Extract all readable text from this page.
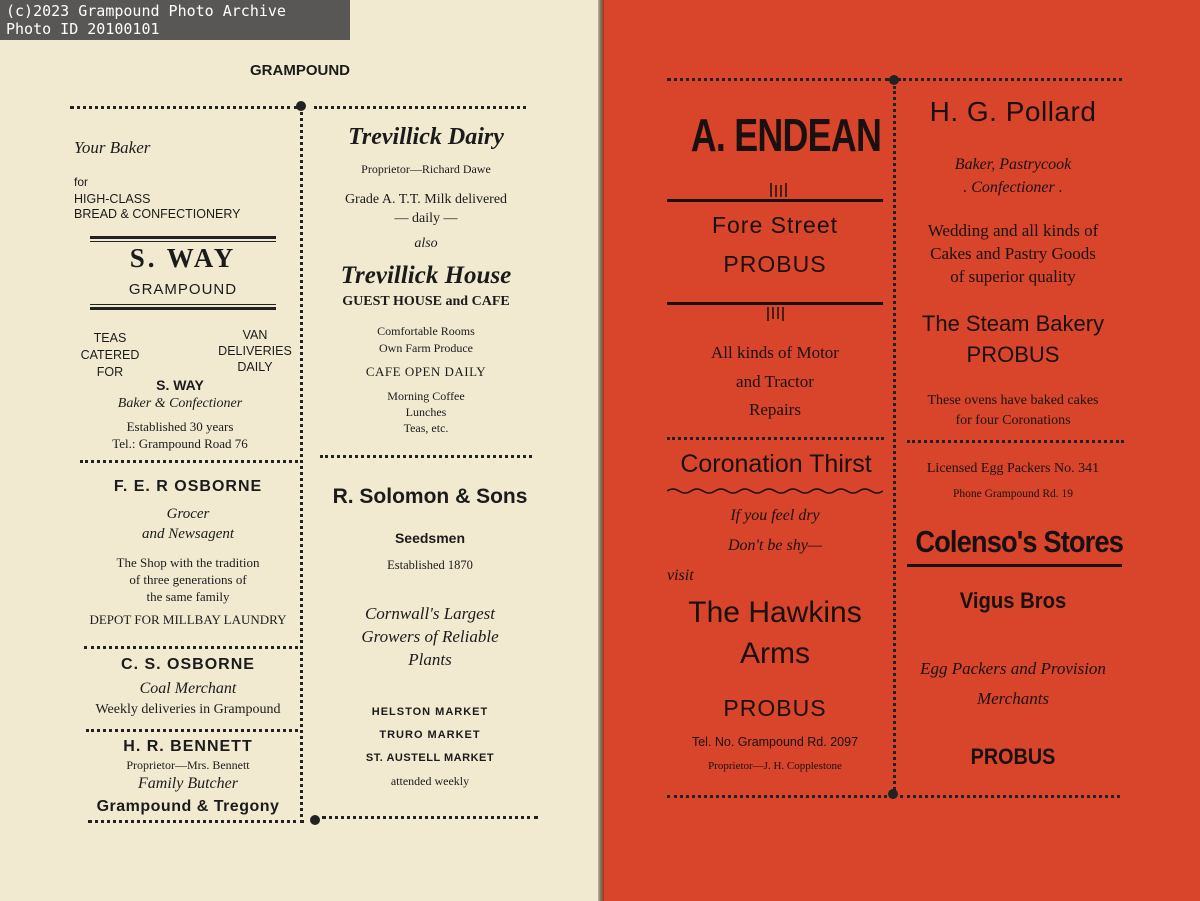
GRAMPOUND
Your Baker
for
HIGH-CLASS
BREAD & CONFECTIONERY
S. WAY
GRAMPOUND
TEAS
CATERED
FOR
VAN
DELIVERIES
DAILY
S. WAY
Baker & Confectioner
Established 30 years
Tel.: Grampound Road 76
F. E. R OSBORNE
Grocer
and Newsagent
The Shop with the tradition
of three generations of
the same family
DEPOT FOR MILLBAY LAUNDRY
C. S. OSBORNE
Coal Merchant
Weekly deliveries in Grampound
H. R. BENNETT
Proprietor—Mrs. Bennett
Family Butcher
Grampound & Tregony
Trevillick Dairy
Proprietor—Richard Dawe
Grade A. T.T. Milk delivered
— daily —
also
Trevillick House
GUEST HOUSE and CAFE
Comfortable Rooms
Own Farm Produce
CAFE OPEN DAILY
Morning Coffee
Lunches
Teas, etc.
R. Solomon & Sons
Seedsmen
Established 1870
Cornwall's Largest
Growers of Reliable
Plants
HELSTON MARKET
TRURO MARKET
ST. AUSTELL MARKET
attended weekly
A. ENDEAN
Fore Street
PROBUS
All kinds of Motor
and Tractor
Repairs
Coronation Thirst
If you feel dry
Don't be shy—
visit
The Hawkins
Arms
PROBUS
Tel. No. Grampound Rd. 2097
Proprietor—J. H. Copplestone
H. G. Pollard
Baker, Pastrycook
. Confectioner .
Wedding and all kinds of
Cakes and Pastry Goods
of superior quality
The Steam Bakery
PROBUS
These ovens have baked cakes
for four Coronations
Licensed Egg Packers No. 341
Phone Grampound Rd. 19
Colenso's Stores
Vigus Bros
Egg Packers and Provision
Merchants
PROBUS
(c)2023 Grampound Photo Archive
Photo ID 20100101
